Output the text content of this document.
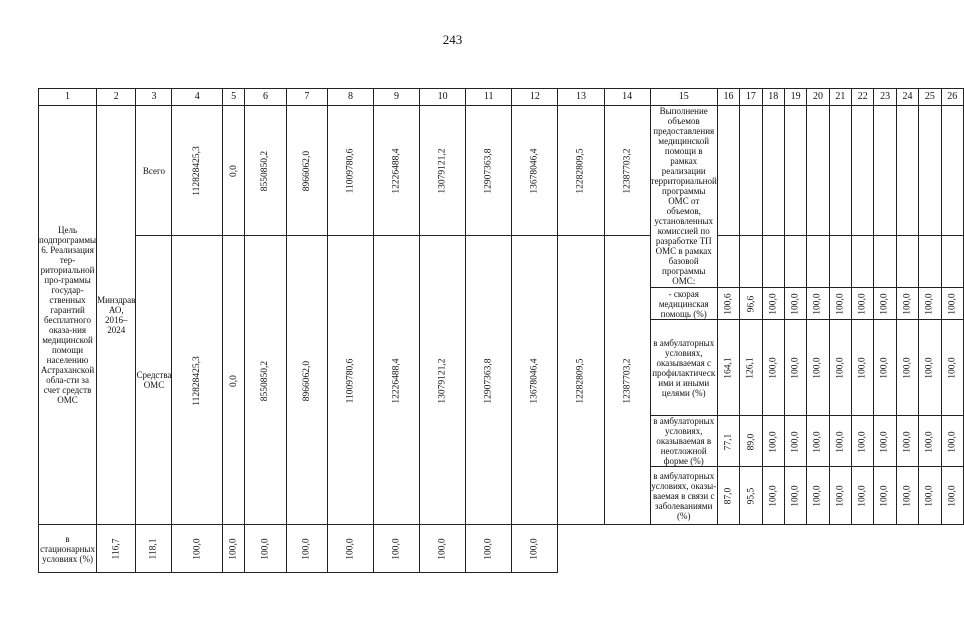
243
1	2	3	4	5	6	7	8	9	10	11	12	13	14	15	16	17	18	19	20	21	22	23	24	25	26
Цель подпрограммы 6. Реализация тер-риториальной про-граммы государ-ственных гарантий бесплатного оказа-ния медицинской помощи населению Астраханской обла-сти за счет средств ОМС	Минздрав АО, 2016–2024	Всего	112828425,3	0,0	8550850,2	8966062,0	11009780,6	12226488,4	13079121,2	12907363,8	13678046,4	12282809,5	12387703,2	Выполнение объемов предоставления медицинской помощи в рамках реализации территориальной программы ОМС от объемов, установленных комиссией по разработке ТП ОМС в рамках базовой программы ОМС:											
		Средства ОМС	112828425,3	0,0	8550850,2	8966062,0	11009780,6	12226488,4	13079121,2	12907363,8	13678046,4	12282809,5	12387703,2												
														- скорая медицинская помощь (%)	100,6	96,6	100,0	100,0	100,0	100,0	100,0	100,0	100,0	100,0	100,0
														в амбулаторных условиях, оказываемая с профилактическ ими и иными целями (%)	164,1	126,1	100,0	100,0	100,0	100,0	100,0	100,0	100,0	100,0	100,0
														в амбулаторных условиях, оказываемая в неотложной форме (%)	77,1	89,0	100,0	100,0	100,0	100,0	100,0	100,0	100,0	100,0	100,0
														в амбулаторных условиях, оказы-ваемая в связи с заболеваниями (%)	87,0	95,5	100,0	100,0	100,0	100,0	100,0	100,0	100,0	100,0	100,0
в стационарных условиях (%)	116,7	118,1	100,0	100,0	100,0	100,0	100,0	100,0	100,0	100,0	100,0														
